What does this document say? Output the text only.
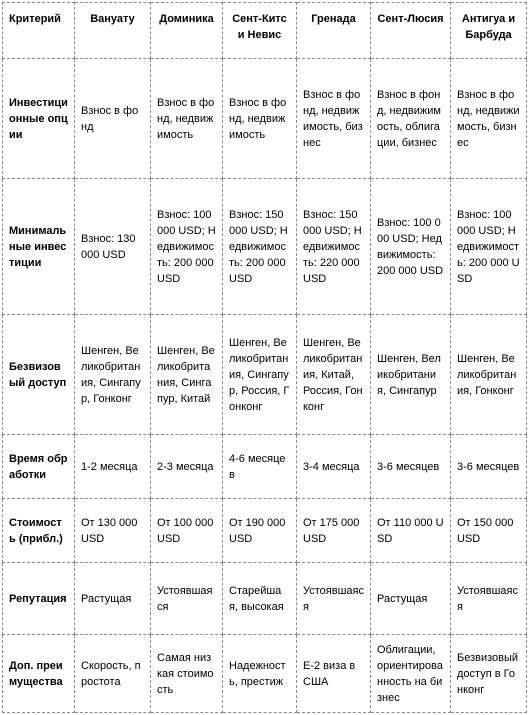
Критерий	Вануату	Доминика	Сент-Китс и Невис	Гренада	Сент-Люсия	Антигуа и Барбуда
Инвестиционные опции	Взнос в фонд	Взнос в фонд, недвижимость	Взнос в фонд, недвижимость	Взнос в фонд, недвижимость, бизнес	Взнос в фонд, недвижимость, облигации, бизнес	Взнос в фонд, недвижимость, бизнес
Минимальные инвестиции	Взнос: 130 000 USD	Взнос: 100 000 USD; Недвижимость: 200 000 USD	Взнос: 150 000 USD; Недвижимость: 200 000 USD	Взнос: 150 000 USD; Недвижимость: 220 000 USD	Взнос: 100 000 USD; Недвижимость: 200 000 USD	Взнос: 100 000 USD; Недвижимость: 200 000 USD
Безвизовый доступ	Шенген, Великобритания, Сингапур, Гонконг	Шенген, Великобритания, Сингапур, Китай	Шенген, Великобритания, Сингапур, Россия, Гонконг	Шенген, Великобритания, Китай, Россия, Гонконг	Шенген, Великобритания, Сингапур	Шенген, Великобритания, Гонконг
Время обработки	1-2 месяца	2-3 месяца	4-6 месяцев	3-4 месяца	3-6 месяцев	3-6 месяцев
Стоимость (прибл.)	От 130 000 USD	От 100 000 USD	От 190 000 USD	От 175 000 USD	От 110 000 USD	От 150 000 USD
Репутация	Растущая	Устоявшаяся	Старейшая, высокая	Устоявшаяся	Растущая	Устоявшаяся
Доп. преимущества	Скорость, простота	Самая низкая стоимость	Надежность, престиж	Е-2 виза в США	Облигации, ориентированность на бизнес	Безвизовый доступ в Гонконг
